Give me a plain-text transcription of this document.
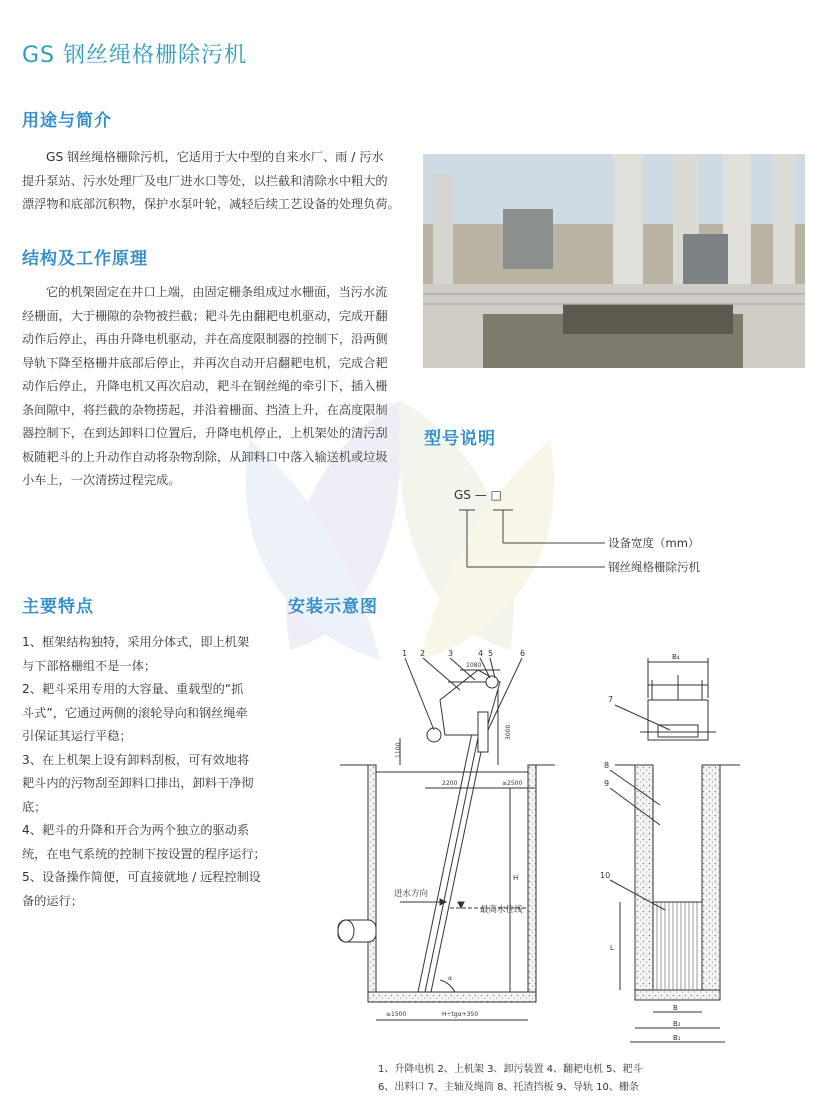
GS 钢丝绳格栅除污机
用途与简介
GS 钢丝绳格栅除污机，它适用于大中型的自来水厂、雨 / 污水
提升泵站、污水处理厂及电厂进水口等处，以拦截和清除水中粗大的
漂浮物和底部沉积物，保护水泵叶轮，减轻后续工艺设备的处理负荷。
结构及工作原理
它的机架固定在井口上端，由固定栅条组成过水栅面，当污水流
经栅面，大于栅隙的杂物被拦截；耙斗先由翻耙电机驱动，完成开翻
动作后停止，再由升降电机驱动，并在高度限制器的控制下，沿两侧
导轨下降至格栅井底部后停止，并再次自动开启翻耙电机，完成合耙
动作后停止，升降电机又再次启动，耙斗在钢丝绳的牵引下，插入栅
条间隙中，将拦截的杂物捞起，并沿着栅面、挡渣上升，在高度限制
器控制下，在到达卸料口位置后，升降电机停止，上机架处的清污刮
板随耙斗的上升动作自动将杂物刮除，从卸料口中落入输送机或垃圾
小车上，一次清捞过程完成。
型号说明
GS — □
设备宽度（mm）
钢丝绳格栅除污机
主要特点
1、框架结构独特，采用分体式，即上机架
与下部格栅组不是一体；
2、耙斗采用专用的大容量、重载型的“抓
斗式”，它通过两侧的滚轮导向和钢丝绳牵
引保证其运行平稳；
3、在上机架上设有卸料刮板，可有效地将
耙斗内的污物刮至卸料口排出，卸料干净彻
底；
4、耙斗的升降和开合为两个独立的驱动系
统，在电气系统的控制下按设置的程序运行；
5、设备操作简便，可直接就地 / 远程控制设
备的运行；
安装示意图
1 2	3	4 5	6
1080
1100
3000
2200	≥2500
H
≥1500	H÷tgα+350
α
进水方向
最高水位线
7
8
9
10
B₄
L
B
B₂
B₁
1、升降电机 2、上机架 3、卸污装置 4、翻耙电机 5、耙斗
6、出料口 7、主轴及绳筒 8、托渣挡板 9、导轨 10、栅条
